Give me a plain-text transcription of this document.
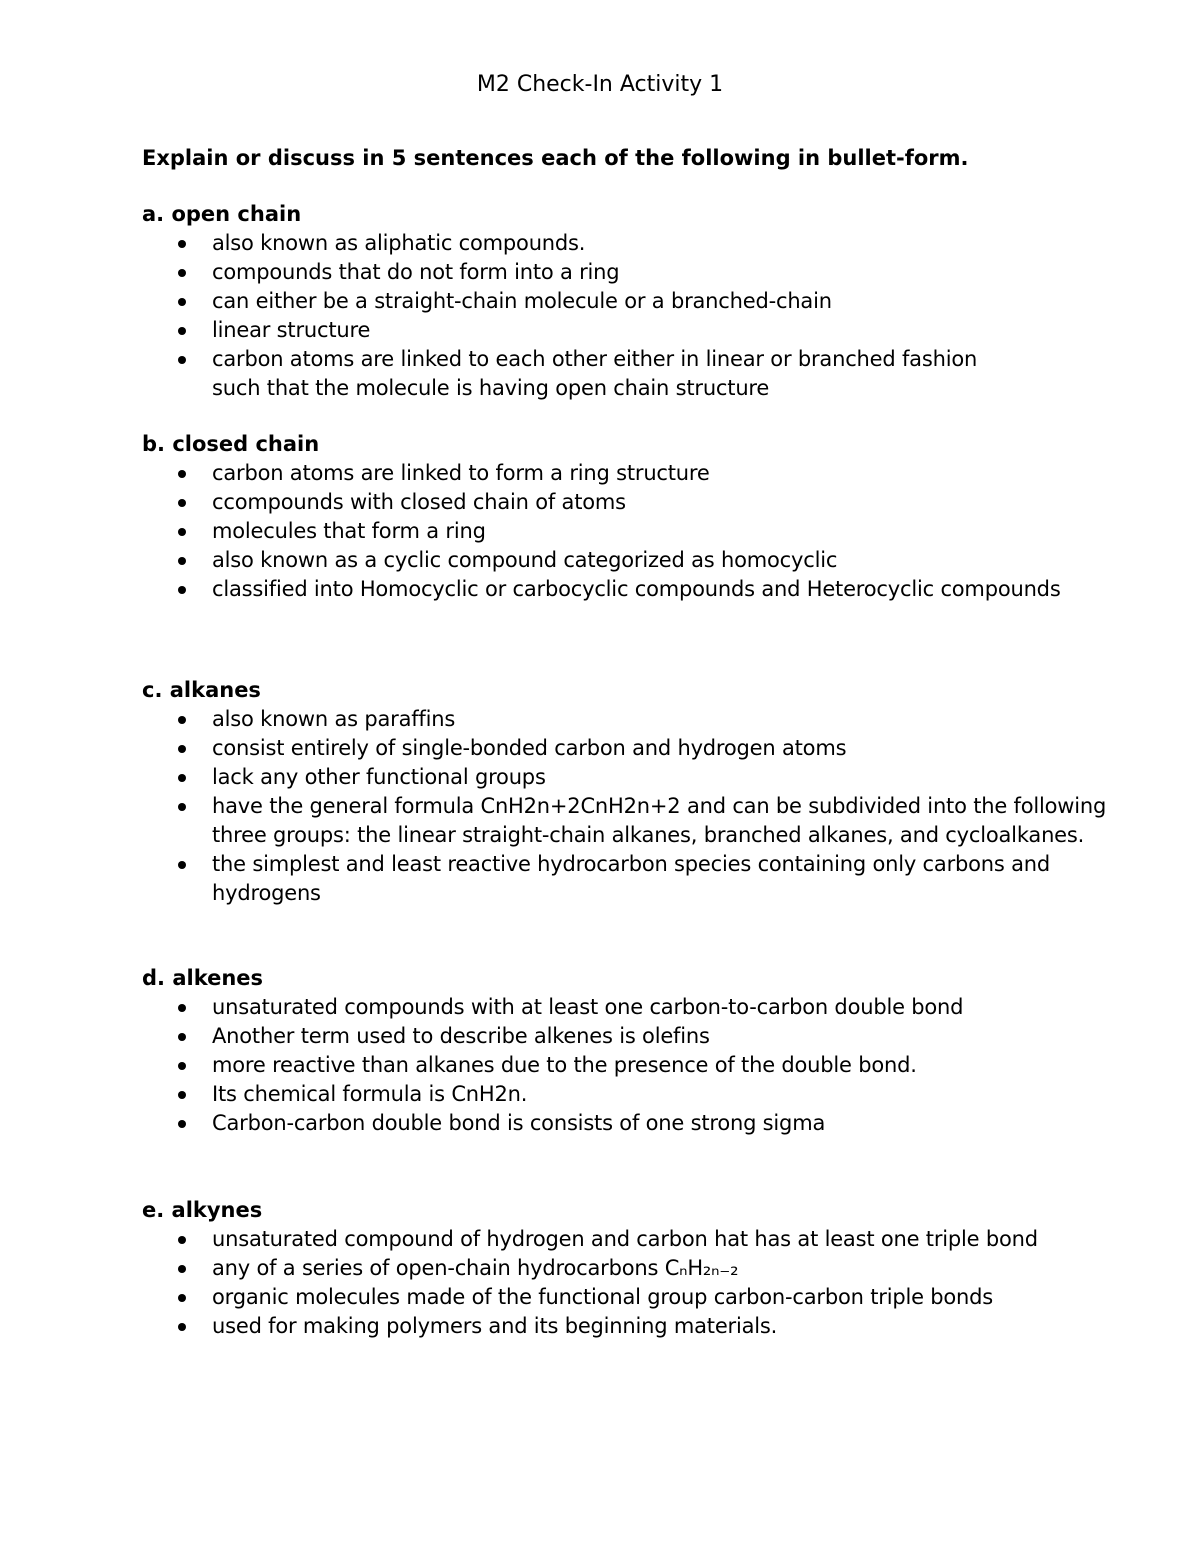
M2 Check-In Activity 1

Explain or discuss in 5 sentences each of the following in bullet-form.

a. open chain
also known as aliphatic compounds.
compounds that do not form into a ring
can either be a straight-chain molecule or a branched-chain
linear structure
carbon atoms are linked to each other either in linear or branched fashion such that the molecule is having open chain structure
b. closed chain
carbon atoms are linked to form a ring structure
ccompounds with closed chain of atoms
molecules that form a ring
also known as a cyclic compound categorized as homocyclic
classified into Homocyclic or carbocyclic compounds and Heterocyclic compounds
c. alkanes
also known as paraffins
consist entirely of single-bonded carbon and hydrogen atoms
lack any other functional groups
have the general formula CnH2n+2CnH2n+2 and can be subdivided into the following three groups: the linear straight-chain alkanes, branched alkanes, and cycloalkanes.
the simplest and least reactive hydrocarbon species containing only carbons and hydrogens
d. alkenes
unsaturated compounds with at least one carbon-to-carbon double bond
Another term used to describe alkenes is olefins
more reactive than alkanes due to the presence of the double bond.
Its chemical formula is CnH2n.
Carbon-carbon double bond is consists of one strong sigma
e. alkynes
unsaturated compound of hydrogen and carbon hat has at least one triple bond
any of a series of open-chain hydrocarbons CₙH₂ₙ₋₂
organic molecules made of the functional group carbon-carbon triple bonds
used for making polymers and its beginning materials.
